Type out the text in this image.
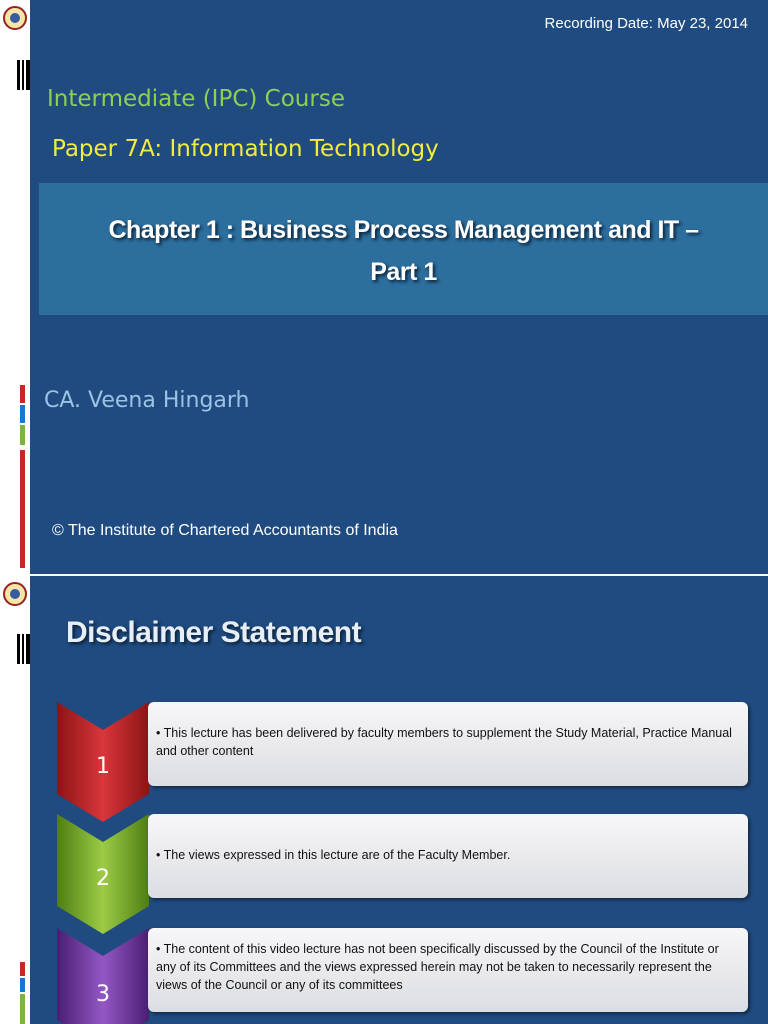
Recording Date: May 23, 2014
Intermediate (IPC) Course
Paper 7A: Information Technology
Chapter 1 : Business Process Management and IT –
Part 1
CA. Veena Hingarh
© The Institute of Chartered Accountants of India
Disclaimer Statement
1
• This lecture has been delivered by faculty members to supplement the Study Material, Practice Manual and other content
2
• The views expressed in this lecture are of the Faculty Member.
3
• The content of this video lecture has not been specifically discussed by the Council of the Institute or any of its Committees and the views expressed herein may not be taken to necessarily represent the views of the Council or any of its committees
